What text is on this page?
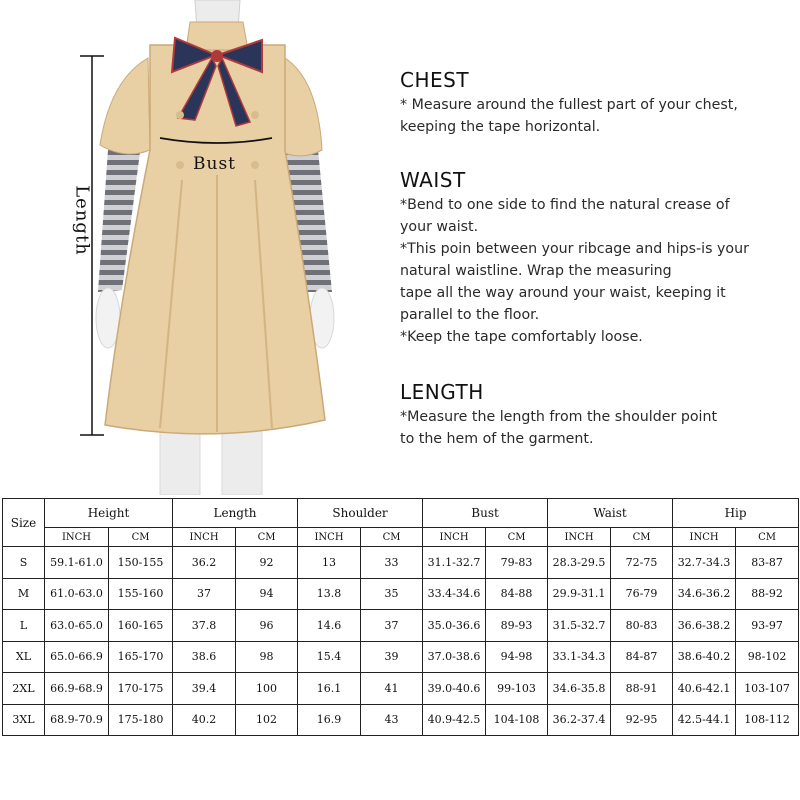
Length
Bust
CHEST

* Measure around the fullest part of your chest,

keeping the tape horizontal.

WAIST

*Bend to one side to find the natural crease of

your waist.

*This poin between your ribcage and hips-is your

natural waistline. Wrap the measuring

tape all the way around your waist, keeping it

parallel to the floor.

*Keep the tape comfortably loose.

LENGTH

*Measure the length from the shoulder point

to the hem of the garment.

Size	Height		Length		Shoulder		Bust		Waist		Hip	
	INCH	CM	INCH	CM	INCH	CM	INCH	CM	INCH	CM	INCH	CM
S	59.1-61.0	150-155	36.2	92	13	33	31.1-32.7	79-83	28.3-29.5	72-75	32.7-34.3	83-87
M	61.0-63.0	155-160	37	94	13.8	35	33.4-34.6	84-88	29.9-31.1	76-79	34.6-36.2	88-92
L	63.0-65.0	160-165	37.8	96	14.6	37	35.0-36.6	89-93	31.5-32.7	80-83	36.6-38.2	93-97
XL	65.0-66.9	165-170	38.6	98	15.4	39	37.0-38.6	94-98	33.1-34.3	84-87	38.6-40.2	98-102
2XL	66.9-68.9	170-175	39.4	100	16.1	41	39.0-40.6	99-103	34.6-35.8	88-91	40.6-42.1	103-107
3XL	68.9-70.9	175-180	40.2	102	16.9	43	40.9-42.5	104-108	36.2-37.4	92-95	42.5-44.1	108-112
